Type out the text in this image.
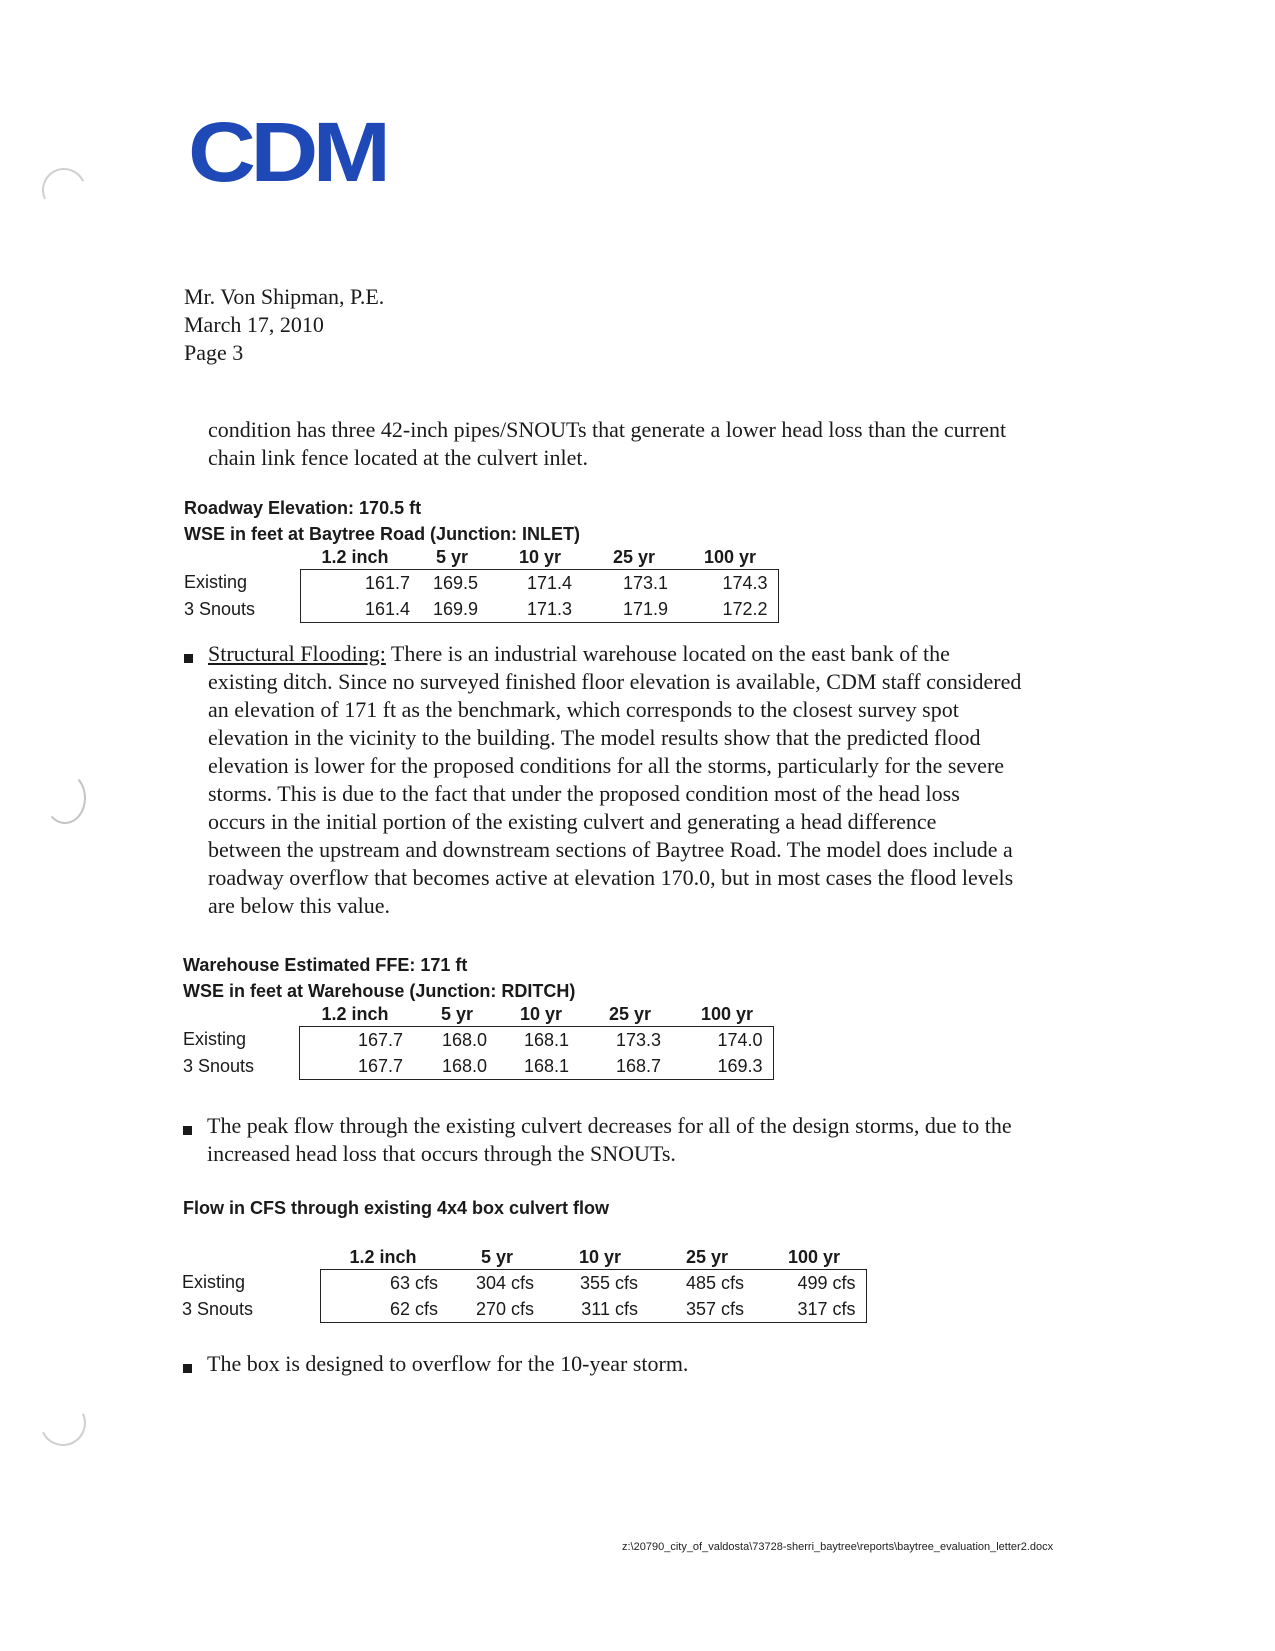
CDM
Mr. Von Shipman, P.E.
March 17, 2010
Page 3
condition has three 42-inch pipes/SNOUTs that generate a lower head loss than the current
chain link fence located at the culvert inlet.
Roadway Elevation: 170.5 ft
WSE in feet at Baytree Road (Junction: INLET)
	1.2 inch	5 yr	10 yr	25 yr	100 yr
Existing	161.7	169.5	171.4	173.1	174.3
3 Snouts	161.4	169.9	171.3	171.9	172.2
Structural Flooding: There is an industrial warehouse located on the east bank of the
existing ditch. Since no surveyed finished floor elevation is available, CDM staff considered
an elevation of 171 ft as the benchmark, which corresponds to the closest survey spot
elevation in the vicinity to the building. The model results show that the predicted flood
elevation is lower for the proposed conditions for all the storms, particularly for the severe
storms. This is due to the fact that under the proposed condition most of the head loss
occurs in the initial portion of the existing culvert and generating a head difference
between the upstream and downstream sections of Baytree Road. The model does include a
roadway overflow that becomes active at elevation 170.0, but in most cases the flood levels
are below this value.
Warehouse Estimated FFE: 171 ft
WSE in feet at Warehouse (Junction: RDITCH)
	1.2 inch	5 yr	10 yr	25 yr	100 yr
Existing	167.7	168.0	168.1	173.3	174.0
3 Snouts	167.7	168.0	168.1	168.7	169.3
The peak flow through the existing culvert decreases for all of the design storms, due to the
increased head loss that occurs through the SNOUTs.
Flow in CFS through existing 4x4 box culvert flow
	1.2 inch	5 yr	10 yr	25 yr	100 yr
Existing	63 cfs	304 cfs	355 cfs	485 cfs	499 cfs
3 Snouts	62 cfs	270 cfs	311 cfs	357 cfs	317 cfs
The box is designed to overflow for the 10-year storm.
z:\20790_city_of_valdosta\73728-sherri_baytree\reports\baytree_evaluation_letter2.docx
